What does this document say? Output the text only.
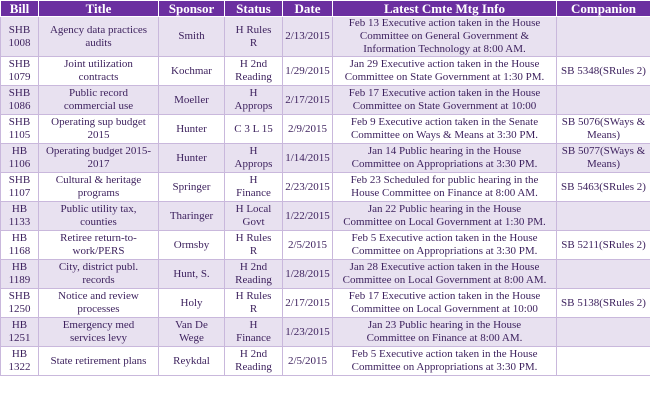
Bill	Title	Sponsor	Status	Date	Latest Cmte Mtg Info	Companion

SHB
1008	Agency data practices
audits	Smith	H Rules
R	2/13/2015	Feb 13 Executive action taken in the House
Committee on General Government &
Information Technology at 8:00 AM.	

SHB
1079	Joint utilization
contracts	Kochmar	H 2nd
Reading	1/29/2015	Jan 29 Executive action taken in the House
Committee on State Government at 1:30 PM.	SB 5348(SRules 2)

SHB
1086	Public record
commercial use	Moeller	H
Approps	2/17/2015	Feb 17 Executive action taken in the House
Committee on State Government at 10:00	

SHB
1105	Operating sup budget
2015	Hunter	C 3 L 15	2/9/2015	Feb 9 Executive action taken in the Senate
Committee on Ways & Means at 3:30 PM.	SB 5076(SWays &
Means)

HB
1106	Operating budget 2015-
2017	Hunter	H
Approps	1/14/2015	Jan 14 Public hearing in the House
Committee on Appropriations at 3:30 PM.	SB 5077(SWays &
Means)

SHB
1107	Cultural & heritage
programs	Springer	H
Finance	2/23/2015	Feb 23 Scheduled for public hearing in the
House Committee on Finance at 8:00 AM.	SB 5463(SRules 2)

HB
1133	Public utility tax,
counties	Tharinger	H Local
Govt	1/22/2015	Jan 22 Public hearing in the House
Committee on Local Government at 1:30 PM.	

HB
1168	Retiree return-to-
work/PERS	Ormsby	H Rules
R	2/5/2015	Feb 5 Executive action taken in the House
Committee on Appropriations at 3:30 PM.	SB 5211(SRules 2)

HB
1189	City, district publ.
records	Hunt, S.	H 2nd
Reading	1/28/2015	Jan 28 Executive action taken in the House
Committee on Local Government at 8:00 AM.	

SHB
1250	Notice and review
processes	Holy	H Rules
R	2/17/2015	Feb 17 Executive action taken in the House
Committee on Local Government at 10:00	SB 5138(SRules 2)

HB
1251	Emergency med
services levy	Van De
Wege	H
Finance	1/23/2015	Jan 23 Public hearing in the House
Committee on Finance at 8:00 AM.	

HB
1322	State retirement plans	Reykdal	H 2nd
Reading	2/5/2015	Feb 5 Executive action taken in the House
Committee on Appropriations at 3:30 PM.	
